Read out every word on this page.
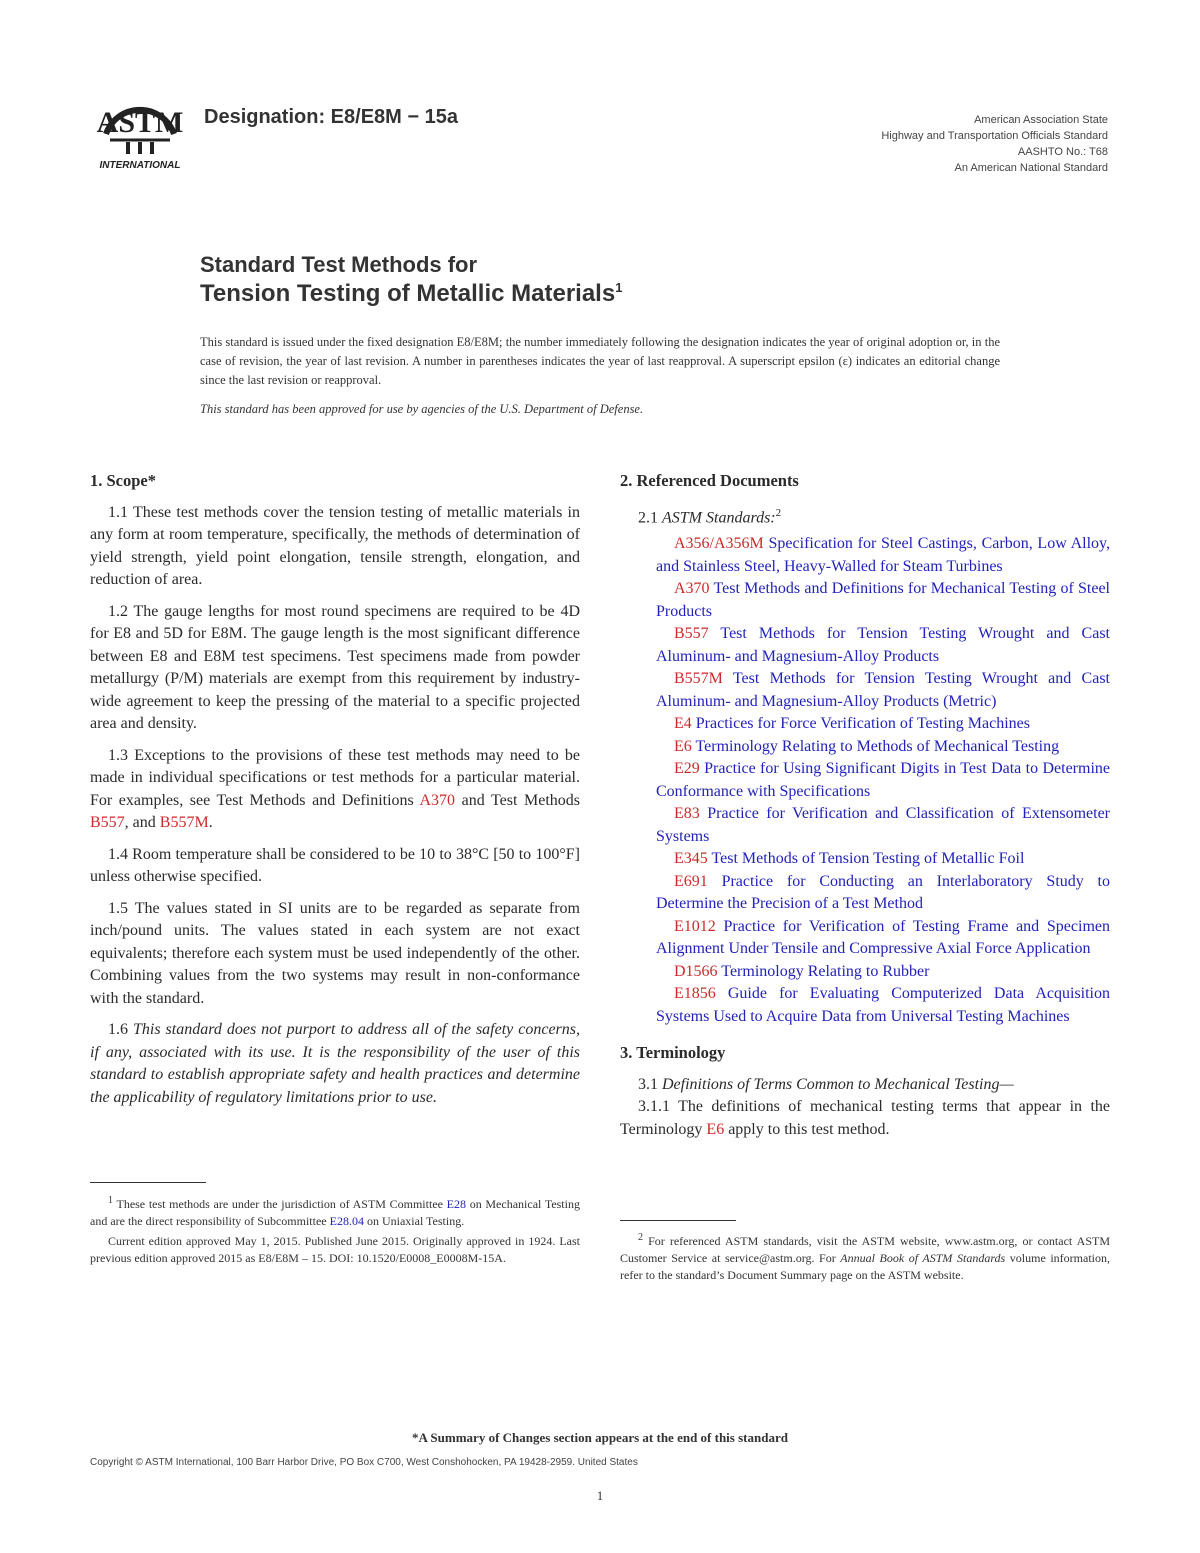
ASTM
INTERNATIONAL
Designation: E8/E8M − 15a	American Association State
Highway and Transportation Officials Standard
AASHTO No.: T68
An American National Standard
Standard Test Methods for
Tension Testing of Metallic Materials$^1$
This standard is issued under the fixed designation E8/E8M; the number immediately following the designation indicates the year of original adoption or, in the case of revision, the year of last revision. A number in parentheses indicates the year of last reapproval. A superscript epsilon (ε) indicates an editorial change since the last revision or reapproval.
This standard has been approved for use by agencies of the U.S. Department of Defense.

1. Scope*

1.1 These test methods cover the tension testing of metallic materials in any form at room temperature, specifically, the methods of determination of yield strength, yield point elongation, tensile strength, elongation, and reduction of area.

1.2 The gauge lengths for most round specimens are required to be 4D for E8 and 5D for E8M. The gauge length is the most significant difference between E8 and E8M test specimens. Test specimens made from powder metallurgy (P/M) materials are exempt from this requirement by industry-wide agreement to keep the pressing of the material to a specific projected area and density.

1.3 Exceptions to the provisions of these test methods may need to be made in individual specifications or test methods for a particular material. For examples, see Test Methods and Definitions A370 and Test Methods B557, and B557M.

1.4 Room temperature shall be considered to be 10 to 38°C [50 to 100°F] unless otherwise specified.

1.5 The values stated in SI units are to be regarded as separate from inch/pound units. The values stated in each system are not exact equivalents; therefore each system must be used independently of the other. Combining values from the two systems may result in non-conformance with the standard.

1.6 This standard does not purport to address all of the safety concerns, if any, associated with its use. It is the responsibility of the user of this standard to establish appropriate safety and health practices and determine the applicability of regulatory limitations prior to use.

2. Referenced Documents

2.1 ASTM Standards:$^2$

A356/A356M Specification for Steel Castings, Carbon, Low Alloy, and Stainless Steel, Heavy-Walled for Steam Turbines

A370 Test Methods and Definitions for Mechanical Testing of Steel Products

B557 Test Methods for Tension Testing Wrought and Cast Aluminum- and Magnesium-Alloy Products

B557M Test Methods for Tension Testing Wrought and Cast Aluminum- and Magnesium-Alloy Products (Metric)

E4 Practices for Force Verification of Testing Machines

E6 Terminology Relating to Methods of Mechanical Testing

E29 Practice for Using Significant Digits in Test Data to Determine Conformance with Specifications

E83 Practice for Verification and Classification of Extensometer Systems

E345 Test Methods of Tension Testing of Metallic Foil

E691 Practice for Conducting an Interlaboratory Study to Determine the Precision of a Test Method

E1012 Practice for Verification of Testing Frame and Specimen Alignment Under Tensile and Compressive Axial Force Application

D1566 Terminology Relating to Rubber

E1856 Guide for Evaluating Computerized Data Acquisition Systems Used to Acquire Data from Universal Testing Machines

3. Terminology

3.1 Definitions of Terms Common to Mechanical Testing—

3.1.1 The definitions of mechanical testing terms that appear in the Terminology E6 apply to this test method.

$^1$ These test methods are under the jurisdiction of ASTM Committee E28 on Mechanical Testing and are the direct responsibility of Subcommittee E28.04 on Uniaxial Testing.

Current edition approved May 1, 2015. Published June 2015. Originally approved in 1924. Last previous edition approved 2015 as E8/E8M – 15. DOI: 10.1520/E0008_E0008M-15A.

$^2$ For referenced ASTM standards, visit the ASTM website, www.astm.org, or contact ASTM Customer Service at service@astm.org. For Annual Book of ASTM Standards volume information, refer to the standard’s Document Summary page on the ASTM website.

*A Summary of Changes section appears at the end of this standard
Copyright © ASTM International, 100 Barr Harbor Drive, PO Box C700, West Conshohocken, PA 19428-2959. United States
1
